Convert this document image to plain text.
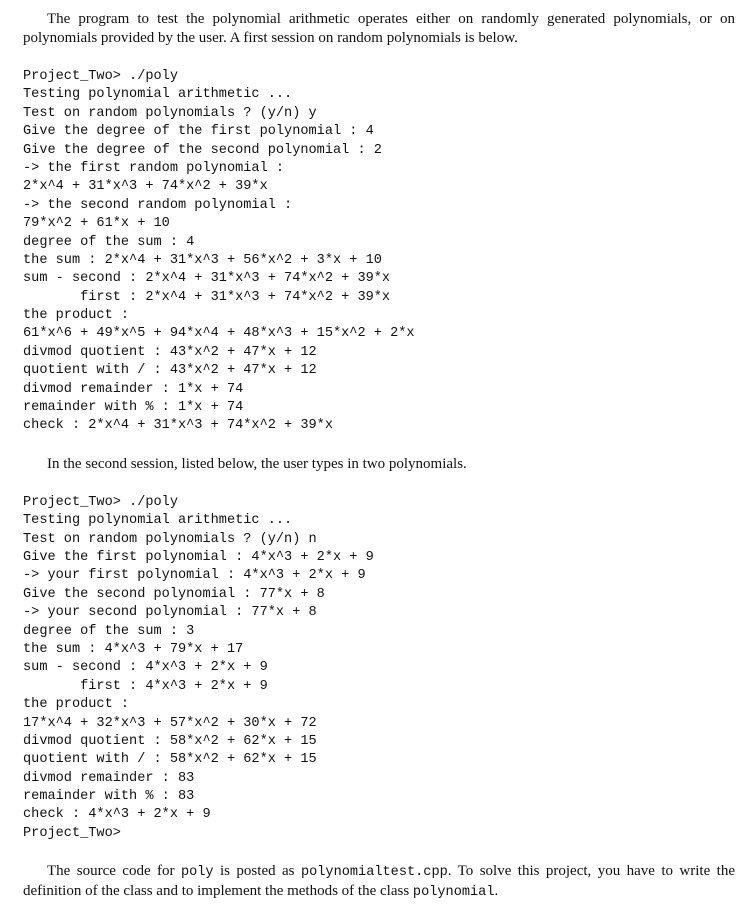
The program to test the polynomial arithmetic operates either on randomly generated polynomials, or on polynomials provided by the user. A first session on random polynomials is below.

Project_Two> ./poly
Testing polynomial arithmetic ...
Test on random polynomials ? (y/n) y
Give the degree of the first polynomial : 4
Give the degree of the second polynomial : 2
-> the first random polynomial :
2*x^4 + 31*x^3 + 74*x^2 + 39*x
-> the second random polynomial :
79*x^2 + 61*x + 10
degree of the sum : 4
the sum : 2*x^4 + 31*x^3 + 56*x^2 + 3*x + 10
sum - second : 2*x^4 + 31*x^3 + 74*x^2 + 39*x
first : 2*x^4 + 31*x^3 + 74*x^2 + 39*x
the product :
61*x^6 + 49*x^5 + 94*x^4 + 48*x^3 + 15*x^2 + 2*x
divmod quotient : 43*x^2 + 47*x + 12
quotient with / : 43*x^2 + 47*x + 12
divmod remainder : 1*x + 74
remainder with % : 1*x + 74
check : 2*x^4 + 31*x^3 + 74*x^2 + 39*x

In the second session, listed below, the user types in two polynomials.

Project_Two> ./poly
Testing polynomial arithmetic ...
Test on random polynomials ? (y/n) n
Give the first polynomial : 4*x^3 + 2*x + 9
-> your first polynomial : 4*x^3 + 2*x + 9
Give the second polynomial : 77*x + 8
-> your second polynomial : 77*x + 8
degree of the sum : 3
the sum : 4*x^3 + 79*x + 17
sum - second : 4*x^3 + 2*x + 9
first : 4*x^3 + 2*x + 9
the product :
17*x^4 + 32*x^3 + 57*x^2 + 30*x + 72
divmod quotient : 58*x^2 + 62*x + 15
quotient with / : 58*x^2 + 62*x + 15
divmod remainder : 83
remainder with % : 83
check : 4*x^3 + 2*x + 9
Project_Two>

The source code for poly is posted as polynomialtest.cpp. To solve this project, you have to write the definition of the class and to implement the methods of the class polynomial.
